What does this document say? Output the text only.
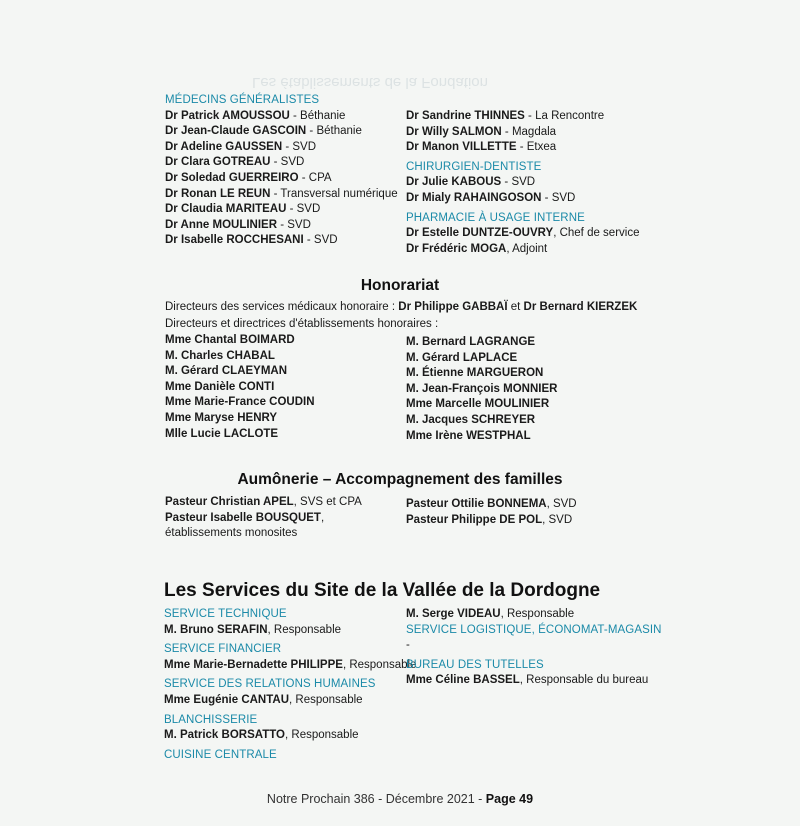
Les établissements de la Fondation
MÉDECINS GÉNÉRALISTES
Dr Patrick AMOUSSOU - Béthanie
Dr Jean-Claude GASCOIN - Béthanie
Dr Adeline GAUSSEN - SVD
Dr Clara GOTREAU - SVD
Dr Soledad GUERREIRO - CPA
Dr Ronan LE REUN - Transversal numérique
Dr Claudia MARITEAU - SVD
Dr Anne MOULINIER - SVD
Dr Isabelle ROCCHESANI - SVD
Dr Sandrine THINNES - La Rencontre
Dr Willy SALMON - Magdala
Dr Manon VILLETTE - Etxea
CHIRURGIEN-DENTISTE
Dr Julie KABOUS - SVD
Dr Mialy RAHAINGOSON - SVD
PHARMACIE À USAGE INTERNE
Dr Estelle DUNTZE-OUVRY, Chef de service
Dr Frédéric MOGA, Adjoint
Honorariat
Directeurs des services médicaux honoraire : Dr Philippe GABBAÏ et Dr Bernard KIERZEK
Directeurs et directrices d'établissements honoraires :
Mme Chantal BOIMARD
M. Charles CHABAL
M. Gérard CLAEYMAN
Mme Danièle CONTI
Mme Marie-France COUDIN
Mme Maryse HENRY
Mlle Lucie LACLOTE
M. Bernard LAGRANGE
M. Gérard LAPLACE
M. Étienne MARGUERON
M. Jean-François MONNIER
Mme Marcelle MOULINIER
M. Jacques SCHREYER
Mme Irène WESTPHAL
Aumônerie – Accompagnement des familles
Pasteur Christian APEL, SVS et CPA
Pasteur Isabelle BOUSQUET,
établissements monosites
Pasteur Ottilie BONNEMA, SVD
Pasteur Philippe DE POL, SVD
Les Services du Site de la Vallée de la Dordogne
SERVICE TECHNIQUE
M. Bruno SERAFIN, Responsable
SERVICE FINANCIER
Mme Marie-Bernadette PHILIPPE, Responsable
SERVICE DES RELATIONS HUMAINES
Mme Eugénie CANTAU, Responsable
BLANCHISSERIE
M. Patrick BORSATTO, Responsable
CUISINE CENTRALE
M. Serge VIDEAU, Responsable
SERVICE LOGISTIQUE, ÉCONOMAT-MAGASIN
-
BUREAU DES TUTELLES
Mme Céline BASSEL, Responsable du bureau
Notre Prochain 386 - Décembre 2021 - Page 49
